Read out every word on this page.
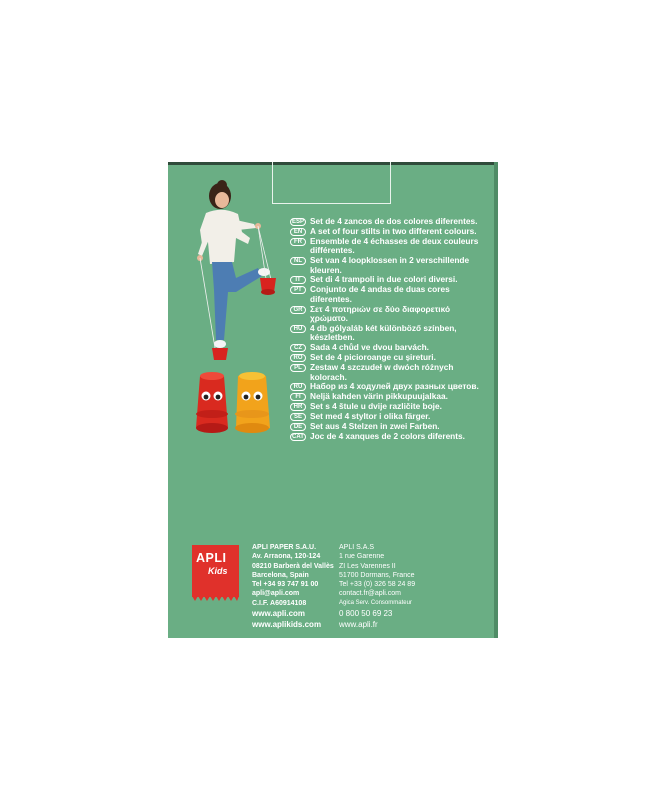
ESP Set de 4 zancos de dos colores diferentes.
EN A set of four stilts in two different colours.
FR Ensemble de 4 échasses de deux couleurs différentes.
NL Set van 4 loopklossen in 2 verschillende kleuren.
IT	Set di 4 trampoli in due colori diversi.
PT Conjunto de 4 andas de duas cores diferentes.
GR Σετ 4 ποτηριών σε δύο διαφορετικό χρώματο.
HU 4 db gólyaláb két különböző színben, készletben.
CZ Sada 4 chůd ve dvou barvách.
RO Set de 4 picioroange cu șireturi.
PL Zestaw 4 szczudeł w dwóch różnych kolorach.
RU Набор из 4 ходулей двух разных цветов.
FI	Neljä kahden värin pikkupuujalkaa.
HR Set s 4 štule u dvije različite boje.
SE Set med 4 styltor i olika färger.
DE Set aus 4 Stelzen in zwei Farben.
CAT Joc de 4 xanques de 2 colors diferents.
APLI
Kids
APLI PAPER S.A.U.
Av. Arraona, 120-124
08210 Barberà del Vallès
Barcelona, Spain
Tel +34 93 747 91 00
apli@apli.com
C.I.F. A60914108
www.apli.com
www.aplikids.com
APLI S.A.S
1 rue Garenne
ZI Les Varennes II
51700 Dormans, France
Tel +33 (0) 326 58 24 89
contact.fr@apli.com
Agica Serv. Consommateur
0 800 50 69 23
www.apli.fr
